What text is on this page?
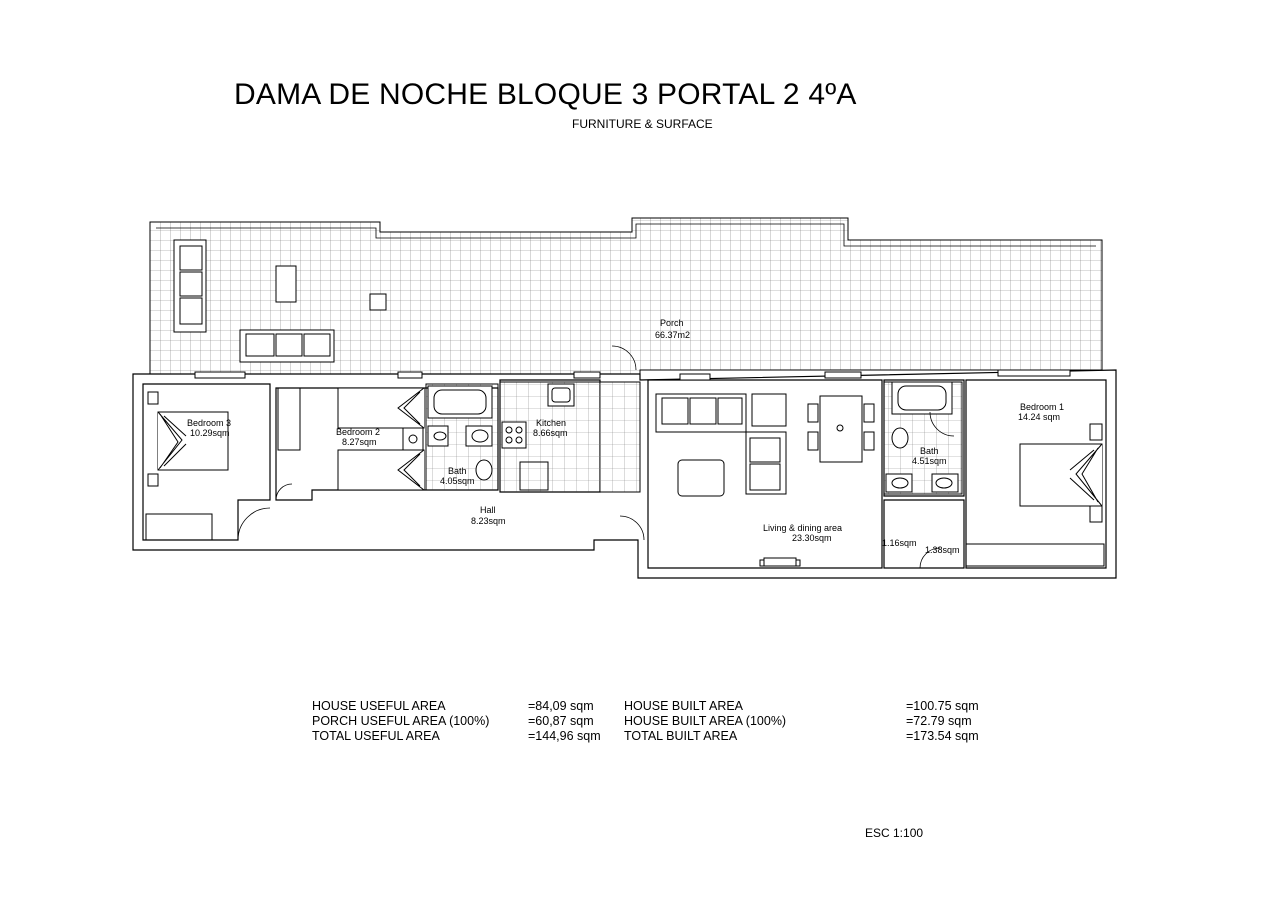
DAMA DE NOCHE BLOQUE 3 PORTAL 2 4ºA
FURNITURE & SURFACE
Porch
66.37m2
Bedroom 3
10.29sqm	Bedroom 2
8.27sqm
Bath
4.05sqm
Kitchen
8.66sqm
Hall
8.23sqm
Living & dining area
23.30sqm
Bath
4.51sqm
Bedroom 1
14.24 sqm
1.16sqm
1.38sqm
HOUSE USEFUL AREA
PORCH USEFUL AREA (100%)
TOTAL USEFUL AREA
=84,09 sqm
=60,87 sqm
=144,96 sqm
HOUSE BUILT AREA
HOUSE BUILT AREA (100%)
TOTAL BUILT AREA
=100.75 sqm
=72.79 sqm
=173.54 sqm
ESC 1:100
